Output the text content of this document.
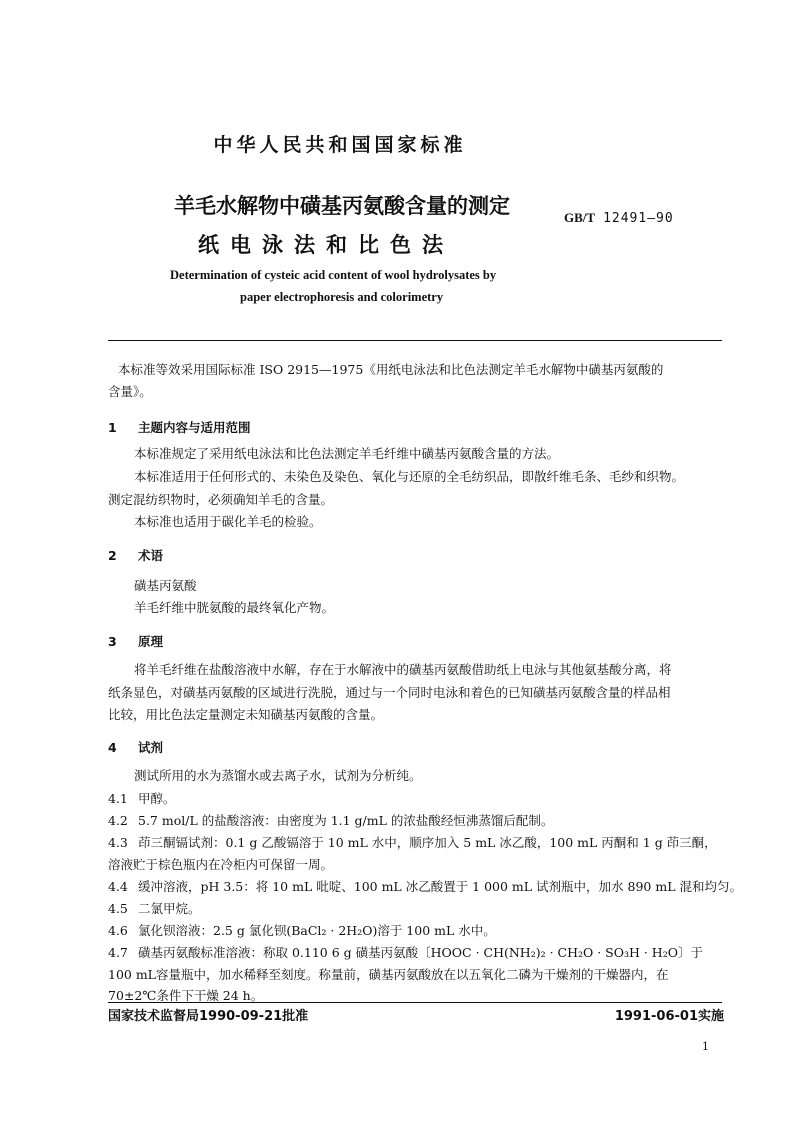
中华人民共和国国家标准
羊毛水解物中磺基丙氨酸含量的测定
纸电泳法和比色法
GB/T 12491—90
Determination of cysteic acid content of wool hydrolysates by
paper electrophoresis and colorimetry
本标准等效采用国际标准 ISO 2915—1975《用纸电泳法和比色法测定羊毛水解物中磺基丙氨酸的
含量》。
1 主题内容与适用范围
本标准规定了采用纸电泳法和比色法测定羊毛纤维中磺基丙氨酸含量的方法。
本标准适用于任何形式的、未染色及染色、氧化与还原的全毛纺织品，即散纤维毛条、毛纱和织物。
测定混纺织物时，必须确知羊毛的含量。
本标准也适用于碳化羊毛的检验。
2 术语
磺基丙氨酸
羊毛纤维中胱氨酸的最终氧化产物。
3 原理
将羊毛纤维在盐酸溶液中水解，存在于水解液中的磺基丙氨酸借助纸上电泳与其他氨基酸分离，将
纸条显色，对磺基丙氨酸的区域进行洗脱，通过与一个同时电泳和着色的已知磺基丙氨酸含量的样品相
比较，用比色法定量测定未知磺基丙氨酸的含量。
4 试剂
测试所用的水为蒸馏水或去离子水，试剂为分析纯。
4.1 甲醇。
4.2 5.7 mol/L 的盐酸溶液：由密度为 1.1 g/mL 的浓盐酸经恒沸蒸馏后配制。
4.3 茚三酮镉试剂：0.1 g 乙酸镉溶于 10 mL 水中，顺序加入 5 mL 冰乙酸，100 mL 丙酮和 1 g 茚三酮，
溶液贮于棕色瓶内在冷柜内可保留一周。
4.4 缓冲溶液，pH 3.5：将 10 mL 吡啶、100 mL 冰乙酸置于 1 000 mL 试剂瓶中，加水 890 mL 混和均匀。
4.5 二氯甲烷。
4.6 氯化钡溶液：2.5 g 氯化钡(BaCl₂ · 2H₂O)溶于 100 mL 水中。
4.7 磺基丙氨酸标准溶液：称取 0.110 6 g 磺基丙氨酸〔HOOC · CH(NH₂)₂ · CH₂O · SO₃H · H₂O〕于
100 mL容量瓶中，加水稀释至刻度。称量前，磺基丙氨酸放在以五氧化二磷为干燥剂的干燥器内，在
70±2℃条件下干燥 24 h。
国家技术监督局1990-09-21批准	1991-06-01实施
1
